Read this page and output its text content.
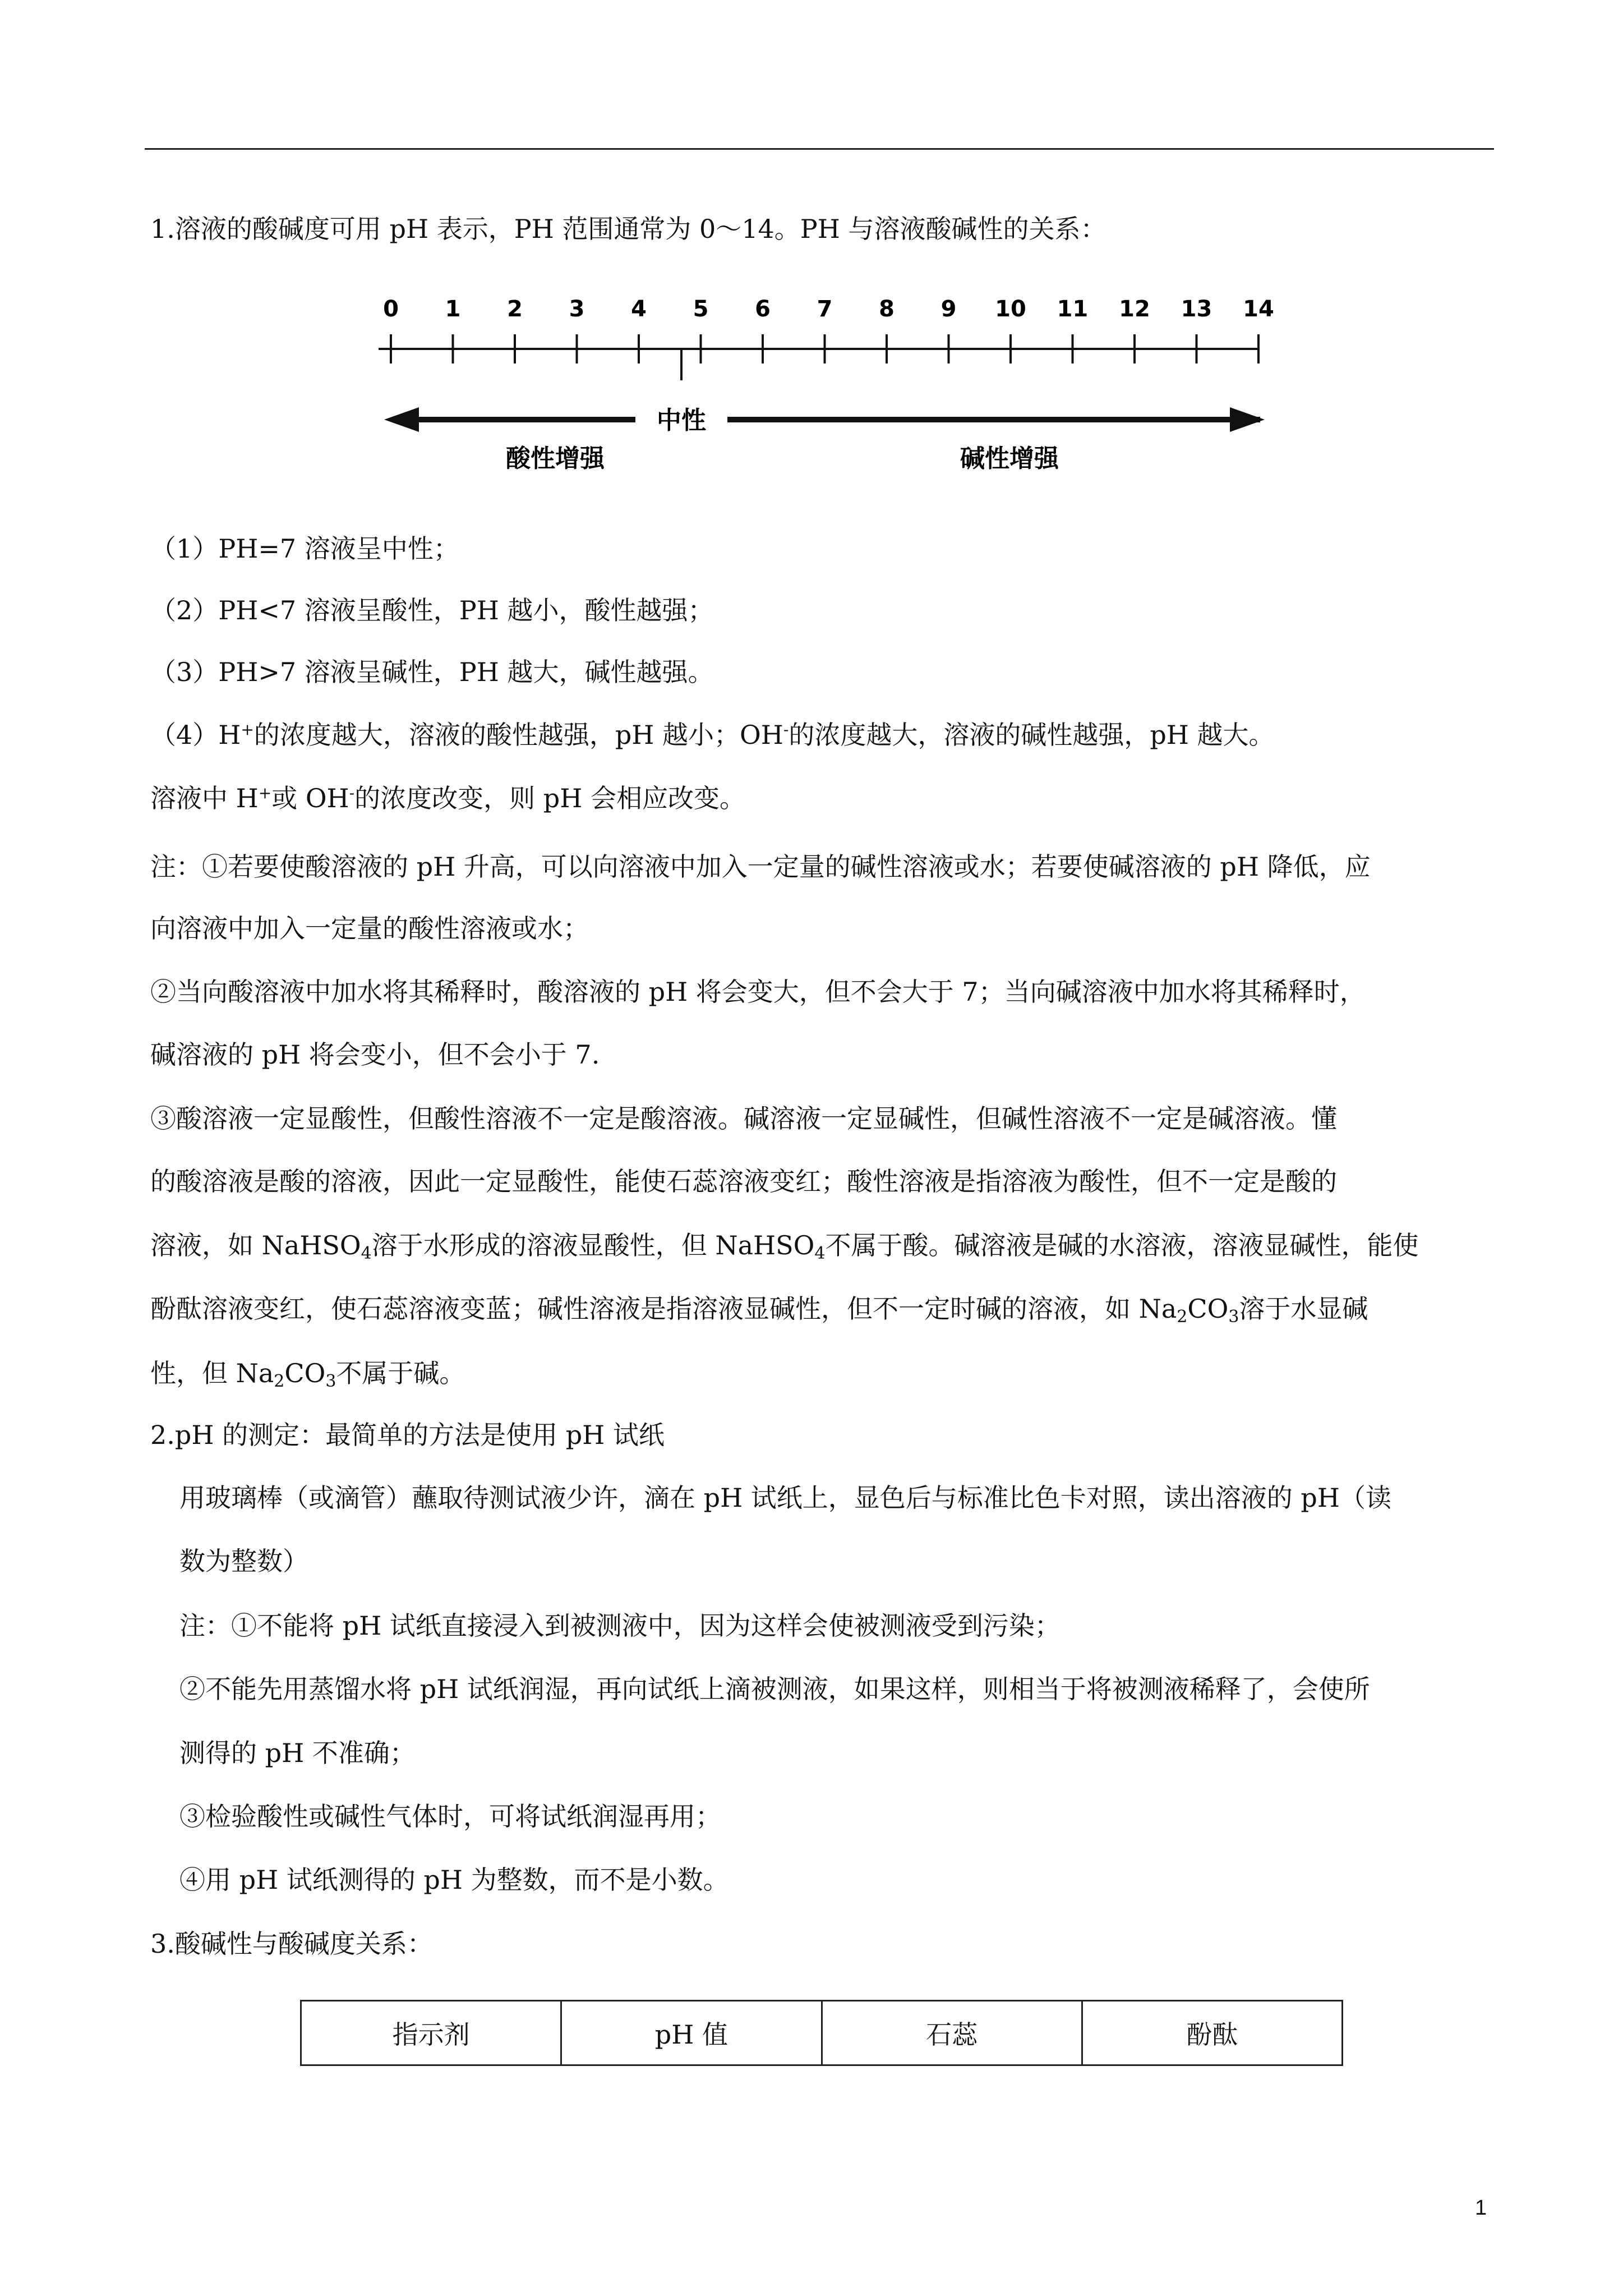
1.溶液的酸碱度可用 pH 表示，PH 范围通常为 0～14。PH 与溶液酸碱性的关系：
0 1 2 3 4 5 6 7 8 9 10 11 12 13 14
中性
酸性增强	碱性增强
（1）PH=7 溶液呈中性；
（2）PH<7 溶液呈酸性，PH 越小，酸性越强；
（3）PH>7 溶液呈碱性，PH 越大，碱性越强。
（4）H+的浓度越大，溶液的酸性越强，pH 越小；OH-的浓度越大，溶液的碱性越强，pH 越大。
溶液中 H+或 OH-的浓度改变，则 pH 会相应改变。
注：①若要使酸溶液的 pH 升高，可以向溶液中加入一定量的碱性溶液或水；若要使碱溶液的 pH 降低，应
向溶液中加入一定量的酸性溶液或水；
②当向酸溶液中加水将其稀释时，酸溶液的 pH 将会变大，但不会大于 7；当向碱溶液中加水将其稀释时，
碱溶液的 pH 将会变小，但不会小于 7.
③酸溶液一定显酸性，但酸性溶液不一定是酸溶液。碱溶液一定显碱性，但碱性溶液不一定是碱溶液。懂
的酸溶液是酸的溶液，因此一定显酸性，能使石蕊溶液变红；酸性溶液是指溶液为酸性，但不一定是酸的
溶液，如 NaHSO$_4$溶于水形成的溶液显酸性，但 NaHSO$_4$不属于酸。碱溶液是碱的水溶液，溶液显碱性，能使
酚酞溶液变红，使石蕊溶液变蓝；碱性溶液是指溶液显碱性，但不一定时碱的溶液，如 $Na_2CO_3$溶于水显碱
性，但 $Na_2CO_3$不属于碱。
2.pH 的测定：最简单的方法是使用 pH 试纸
用玻璃棒（或滴管）蘸取待测试液少许，滴在 pH 试纸上，显色后与标准比色卡对照，读出溶液的 pH（读
数为整数）
注：①不能将 pH 试纸直接浸入到被测液中，因为这样会使被测液受到污染；
②不能先用蒸馏水将 pH 试纸润湿，再向试纸上滴被测液，如果这样，则相当于将被测液稀释了，会使所
测得的 pH 不准确；
③检验酸性或碱性气体时，可将试纸润湿再用；
④用 pH 试纸测得的 pH 为整数，而不是小数。
3.酸碱性与酸碱度关系：
指示剂	pH 值	石蕊	酚酞
1
